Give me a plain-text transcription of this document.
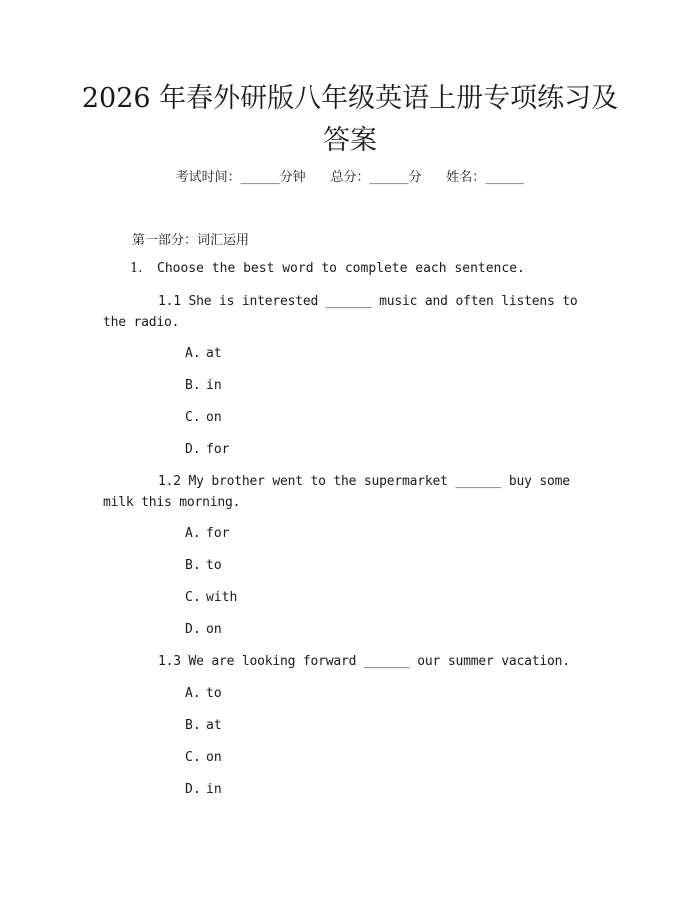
2026 年春外研版八年级英语上册专项练习及答案
考试时间：______分钟 总分：______分 姓名：______
第一部分：词汇运用
1. Choose the best word to complete each sentence.
1.1 She is interested ______ music and often listens to the radio.
A. at
B. in
C. on
D. for
1.2 My brother went to the supermarket ______ buy some milk this morning.
A. for
B. to
C. with
D. on
1.3 We are looking forward ______ our summer vacation.
A. to
B. at
C. on
D. in
